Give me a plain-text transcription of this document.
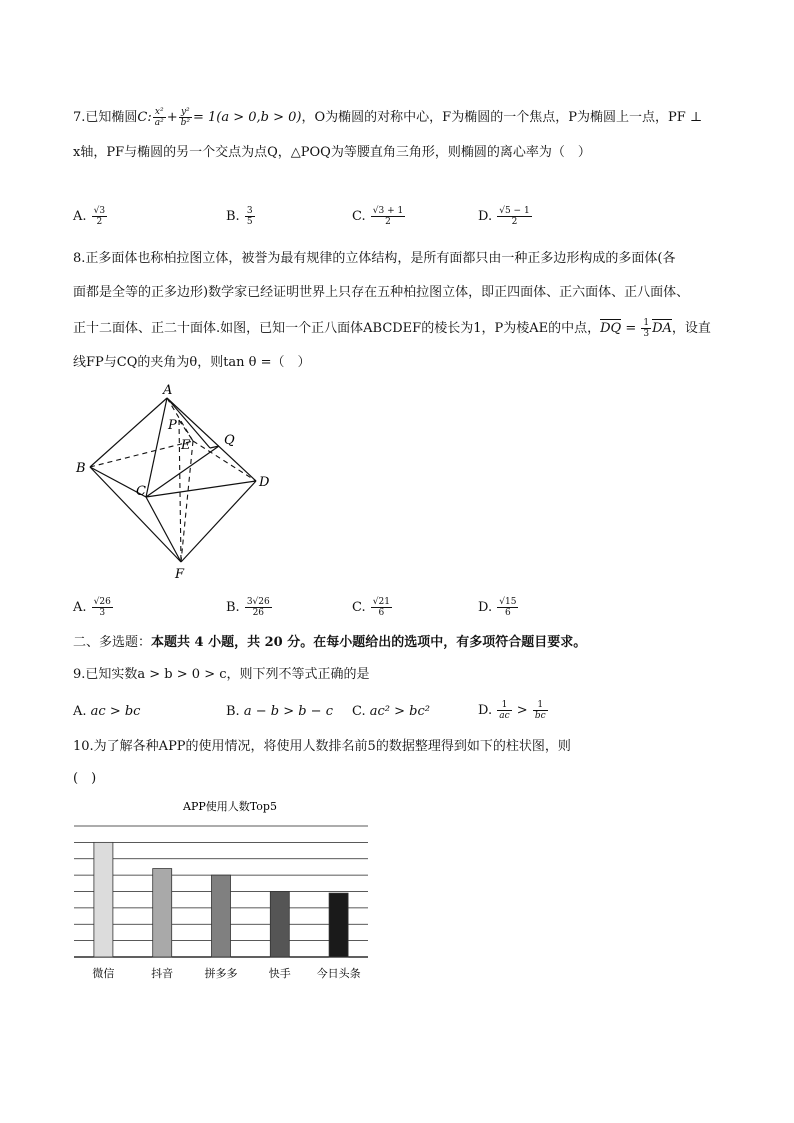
7.已知椭圆C: $\frac{\text{x²}}{\text{a²}} + \frac{\text{y²}}{\text{b²}} = 1(a > 0,b > 0)$，O为椭圆的对称中心，F为椭圆的一个焦点，P为椭圆上一点，PF ⊥
x轴，PF与椭圆的另一个交点为点Q，△POQ为等腰直角三角形，则椭圆的离心率为（　）
A. $\frac{√3}{2}$	B. $\frac{3}{5}$	C. $\frac{√3 + 1}{2}$	D. $\frac{√5 - 1}{2}$
8.正多面体也称柏拉图立体，被誉为最有规律的立体结构，是所有面都只由一种正多边形构成的多面体(各
面都是全等的正多边形)数学家已经证明世界上只存在五种柏拉图立体，即正四面体、正六面体、正八面体、
正十二面体、正二十面体.如图，已知一个正八面体ABCDEF的棱长为1，P为棱AE的中点，DQ = $\frac{1}{3}$ DA，设直
线FP与CQ的夹角为θ，则tan θ =（　）
A
B
C
D
E
F
P
Q
A. $\frac{√26}{3}$	B. $\frac{3√26}{26}$	C. $\frac{√21}{6}$	D. $\frac{√15}{6}$
二、多选题：本题共 4 小题，共 20 分。在每小题给出的选项中，有多项符合题目要求。
9.已知实数a > b > 0 > c，则下列不等式正确的是
A. ac > bc	B. a − b > b − c C. ac² > bc²	D. $\frac{1}{ac} > \frac{1}{bc}$
10.为了解各种APP的使用情况，将使用人数排名前5的数据整理得到如下的柱状图，则
(　)
APP使用人数Top5
微信	抖音	拼多多	快手 今日头条
